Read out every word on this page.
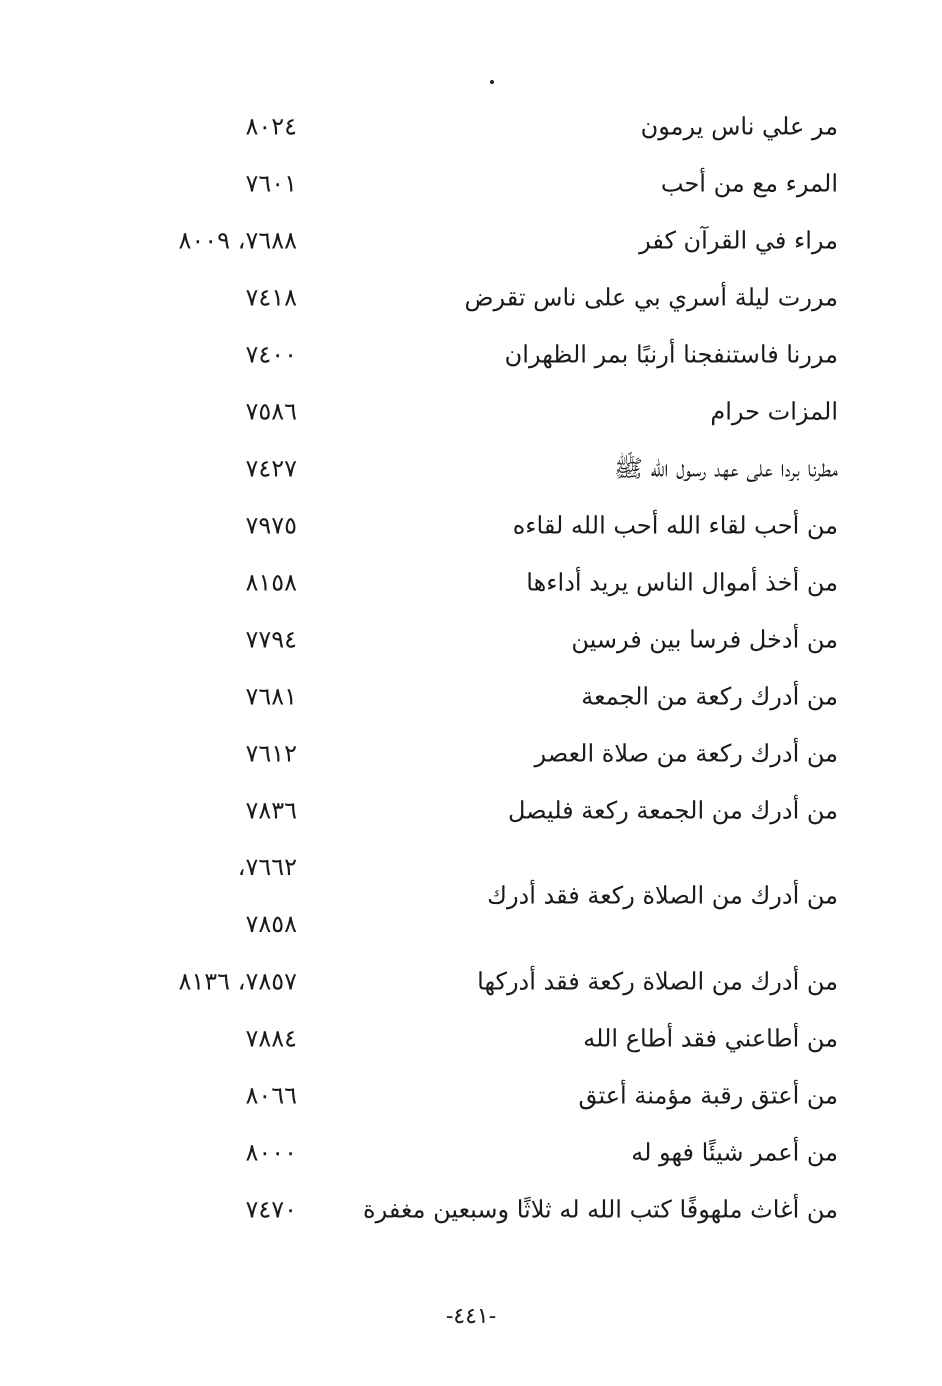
مر علي ناس يرمون
٨٠٢٤
المرء مع من أحب
٧٦٠١
مراء في القرآن كفر
٧٦٨٨، ٨٠٠٩
مررت ليلة أسري بي على ناس تقرض
٧٤١٨
مررنا فاستنفجنا أرنبًا بمر الظهران
٧٤٠٠
المزات حرام
٧٥٨٦
مطرنا بردا على عهد رسول الله ﷺ
٧٤٢٧
من أحب لقاء الله أحب الله لقاءه
٧٩٧٥
من أخذ أموال الناس يريد أداءها
٨١٥٨
من أدخل فرسا بين فرسين
٧٧٩٤
من أدرك ركعة من الجمعة
٧٦٨١
من أدرك ركعة من صلاة العصر
٧٦١٢
من أدرك من الجمعة ركعة فليصل
٧٨٣٦
من أدرك من الصلاة ركعة فقد أدرك
٧٦٦٢،
٧٨٥٨
من أدرك من الصلاة ركعة فقد أدركها
٧٨٥٧، ٨١٣٦
من أطاعني فقد أطاع الله
٧٨٨٤
من أعتق رقبة مؤمنة أعتق
٨٠٦٦
من أعمر شيئًا فهو له
٨٠٠٠
من أغاث ملهوفًا كتب الله له ثلاثًا وسبعين مغفرة
٧٤٧٠
-٤٤١-
